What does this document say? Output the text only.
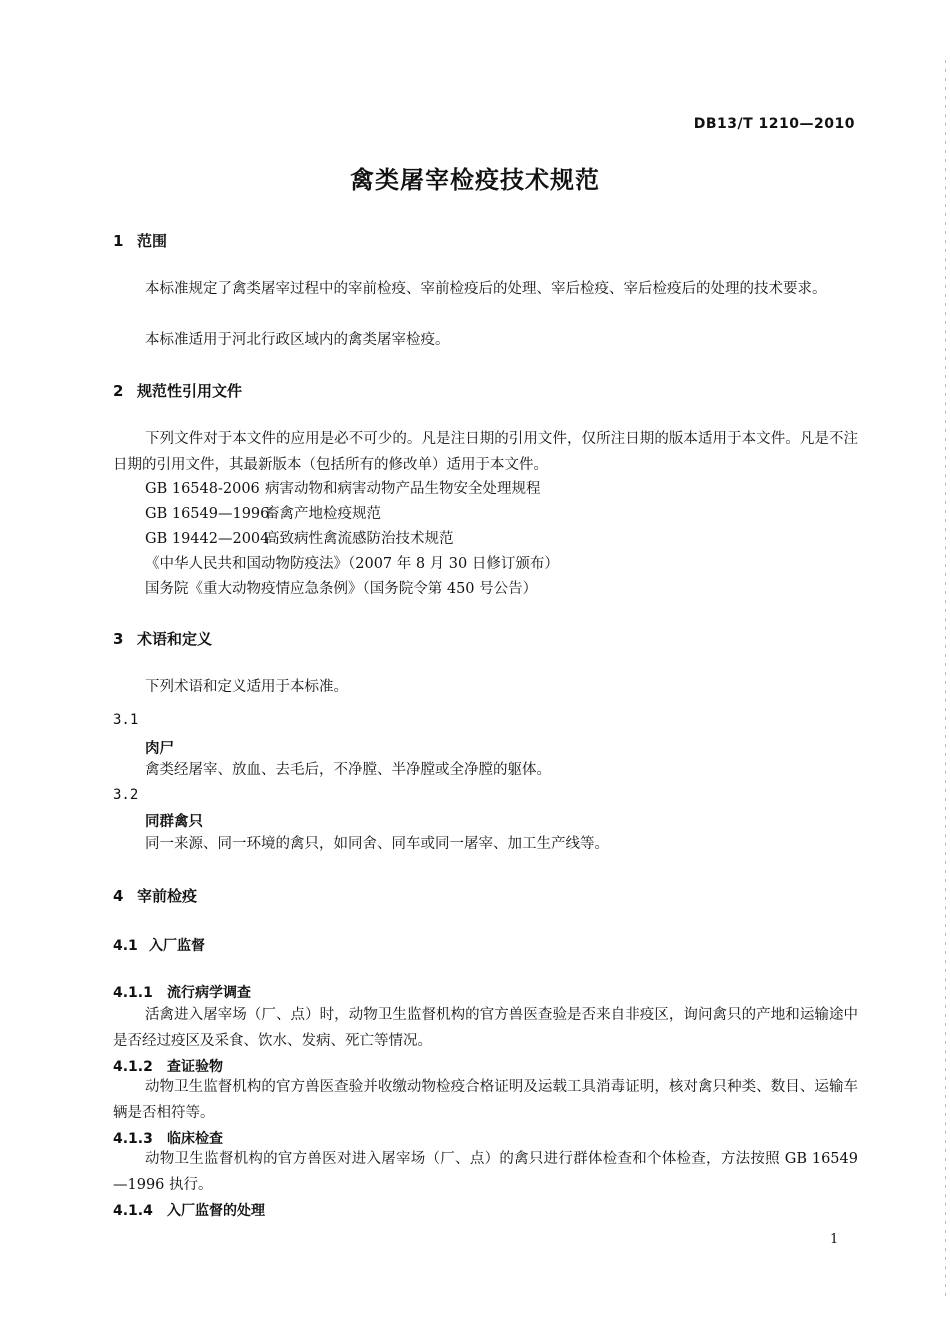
DB13/T 1210—2010
禽类屠宰检疫技术规范
1 范围
本标准规定了禽类屠宰过程中的宰前检疫、宰前检疫后的处理、宰后检疫、宰后检疫后的处理的技术要求。
本标准适用于河北行政区域内的禽类屠宰检疫。
2 规范性引用文件
下列文件对于本文件的应用是必不可少的。凡是注日期的引用文件，仅所注日期的版本适用于本文件。凡是不注日期的引用文件，其最新版本（包括所有的修改单）适用于本文件。
GB 16548-2006 病害动物和病害动物产品生物安全处理规程
GB 16549—1996畜禽产地检疫规范
GB 19442—2004高致病性禽流感防治技术规范
《中华人民共和国动物防疫法》（2007 年 8 月 30 日修订颁布）
国务院《重大动物疫情应急条例》（国务院令第 450 号公告）
3 术语和定义
下列术语和定义适用于本标准。
3.1
肉尸
禽类经屠宰、放血、去毛后，不净膛、半净膛或全净膛的躯体。
3.2
同群禽只
同一来源、同一环境的禽只，如同舍、同车或同一屠宰、加工生产线等。
4 宰前检疫
4.1 入厂监督
4.1.1 流行病学调查
活禽进入屠宰场（厂、点）时，动物卫生监督机构的官方兽医查验是否来自非疫区，询问禽只的产地和运输途中是否经过疫区及采食、饮水、发病、死亡等情况。
4.1.2 查证验物
动物卫生监督机构的官方兽医查验并收缴动物检疫合格证明及运载工具消毒证明，核对禽只种类、数目、运输车辆是否相符等。
4.1.3 临床检查
动物卫生监督机构的官方兽医对进入屠宰场（厂、点）的禽只进行群体检查和个体检查，方法按照 GB 16549—1996 执行。
4.1.4 入厂监督的处理
1
